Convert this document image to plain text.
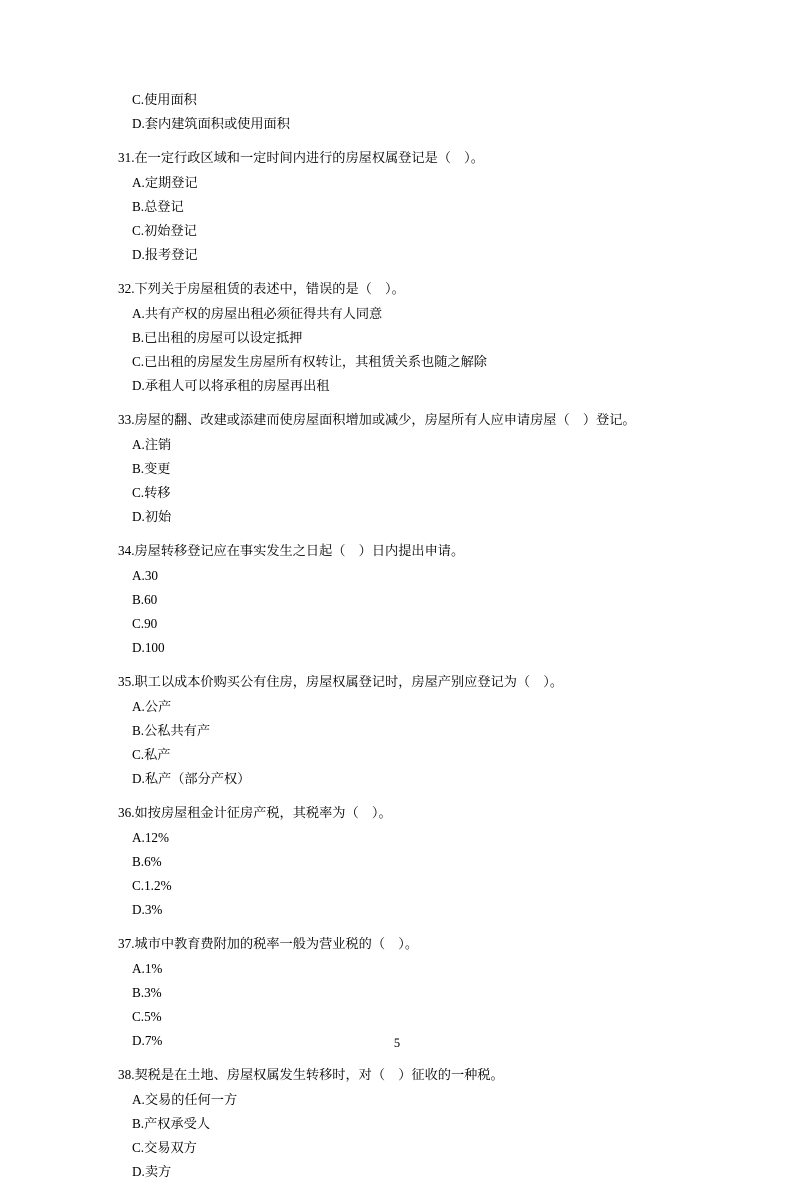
C.使用面积
D.套内建筑面积或使用面积
31.在一定行政区域和一定时间内进行的房屋权属登记是（　）。
A.定期登记
B.总登记
C.初始登记
D.报考登记
32.下列关于房屋租赁的表述中，错误的是（　）。
A.共有产权的房屋出租必须征得共有人同意
B.已出租的房屋可以设定抵押
C.已出租的房屋发生房屋所有权转让，其租赁关系也随之解除
D.承租人可以将承租的房屋再出租
33.房屋的翻、改建或添建而使房屋面积增加或减少，房屋所有人应申请房屋（　）登记。
A.注销
B.变更
C.转移
D.初始
34.房屋转移登记应在事实发生之日起（　）日内提出申请。
A.30
B.60
C.90
D.100
35.职工以成本价购买公有住房，房屋权属登记时，房屋产别应登记为（　）。
A.公产
B.公私共有产
C.私产
D.私产（部分产权）
36.如按房屋租金计征房产税，其税率为（　）。
A.12%
B.6%
C.1.2%
D.3%
37.城市中教育费附加的税率一般为营业税的（　）。
A.1%
B.3%
C.5%
D.7%
38.契税是在土地、房屋权属发生转移时，对（　）征收的一种税。
A.交易的任何一方
B.产权承受人
C.交易双方
D.卖方
5
